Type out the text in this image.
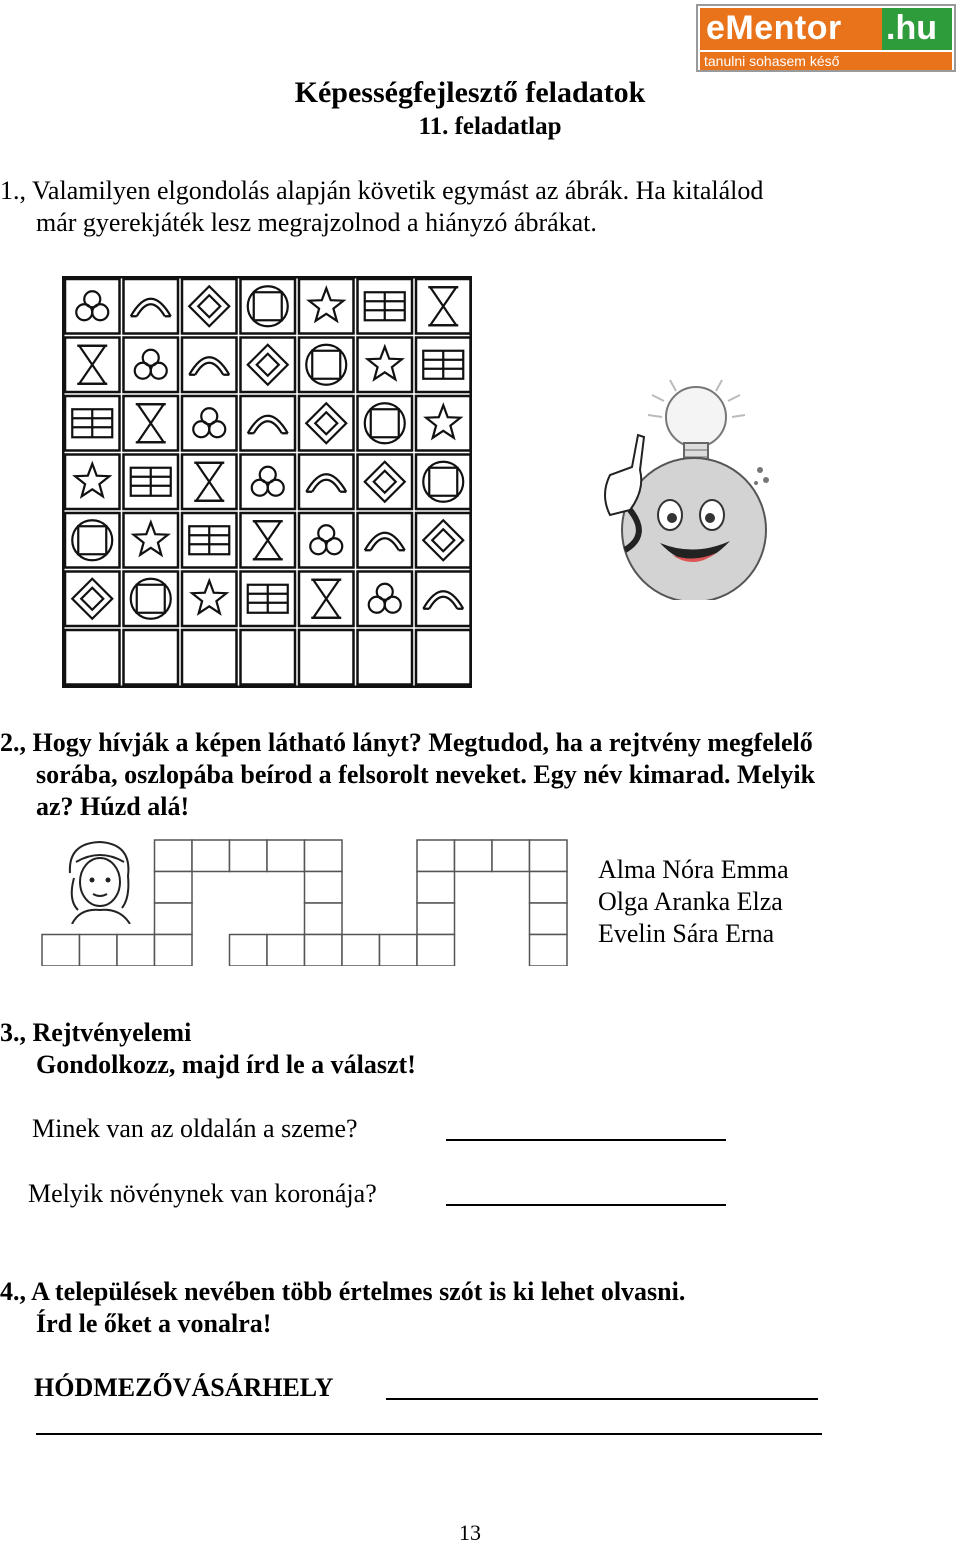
eMentor .hu
tanulni sohasem késő
Képességfejlesztő feladatok
11. feladatlap
1., Valamilyen elgondolás alapján követik egymást az ábrák. Ha kitalálod
már gyerekjáték lesz megrajzolnod a hiányzó ábrákat.
2., Hogy hívják a képen látható lányt? Megtudod, ha a rejtvény megfelelő
sorába, oszlopába beírod a felsorolt neveket. Egy név kimarad. Melyik
az? Húzd alá!
Alma Nóra Emma
Olga Aranka Elza
Evelin Sára Erna
3., Rejtvényelemi
Gondolkozz, majd írd le a választ!
Minek van az oldalán a szeme?
Melyik növénynek van koronája?
4., A települések nevében több értelmes szót is ki lehet olvasni.
Írd le őket a vonalra!
HÓDMEZŐVÁSÁRHELY
13
